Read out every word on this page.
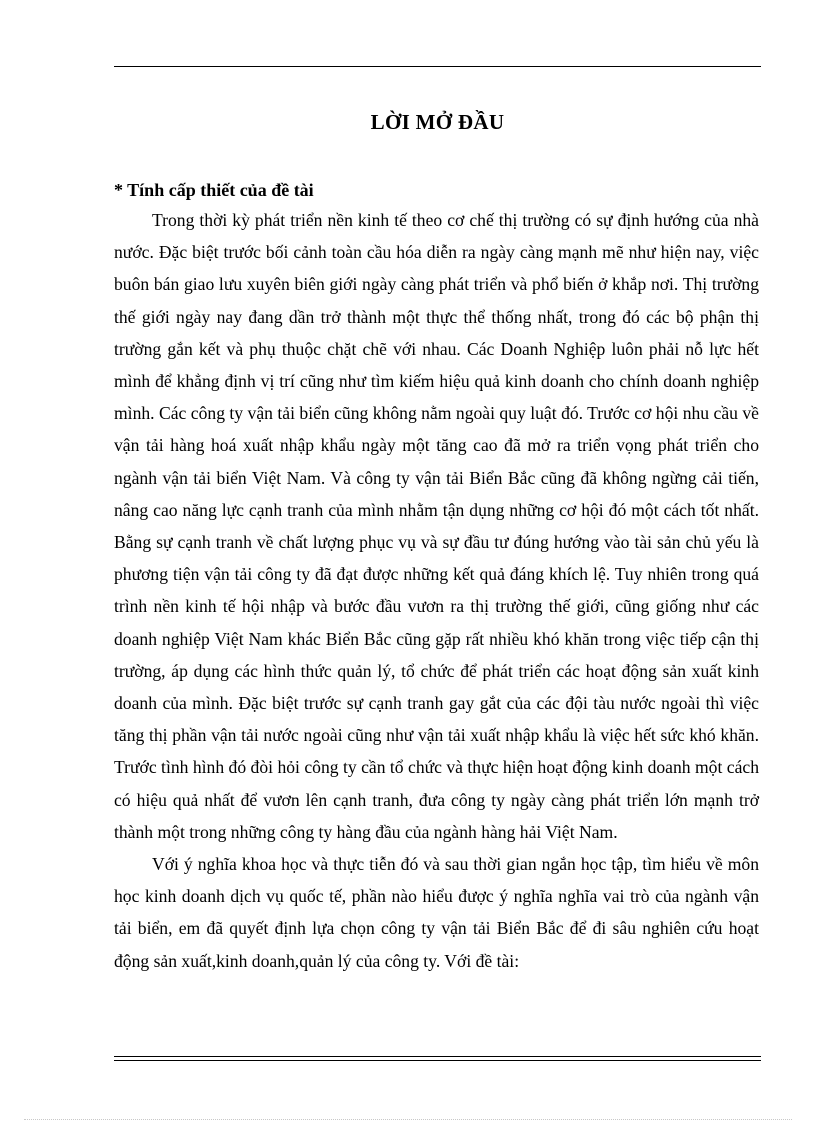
LỜI MỞ ĐẦU
* Tính cấp thiết của đề tài

Trong thời kỳ phát triển nền kinh tế theo cơ chế thị trường có sự định hướng của nhà nước. Đặc biệt trước bối cảnh toàn cầu hóa diễn ra ngày càng mạnh mẽ như hiện nay, việc buôn bán giao lưu xuyên biên giới ngày càng phát triển và phổ biến ở khắp nơi. Thị trường thế giới ngày nay đang dần trở thành một thực thể thống nhất, trong đó các bộ phận thị trường gắn kết và phụ thuộc chặt chẽ với nhau. Các Doanh Nghiệp luôn phải nỗ lực hết mình để khẳng định vị trí cũng như tìm kiếm hiệu quả kinh doanh cho chính doanh nghiệp mình. Các công ty vận tải biển cũng không nằm ngoài quy luật đó. Trước cơ hội nhu cầu về vận tải hàng hoá xuất nhập khẩu ngày một tăng cao đã mở ra triển vọng phát triển cho ngành vận tải biển Việt Nam. Và công ty vận tải Biển Bắc cũng đã không ngừng cải tiến, nâng cao năng lực cạnh tranh của mình nhằm tận dụng những cơ hội đó một cách tốt nhất. Bằng sự cạnh tranh về chất lượng phục vụ và sự đầu tư đúng hướng vào tài sản chủ yếu là phương tiện vận tải công ty đã đạt được những kết quả đáng khích lệ. Tuy nhiên trong quá trình nền kinh tế hội nhập và bước đầu vươn ra thị trường thế giới, cũng giống như các doanh nghiệp Việt Nam khác Biển Bắc cũng gặp rất nhiều khó khăn trong việc tiếp cận thị trường, áp dụng các hình thức quản lý, tổ chức để phát triển các hoạt động sản xuất kinh doanh của mình. Đặc biệt trước sự cạnh tranh gay gắt của các đội tàu nước ngoài thì việc tăng thị phần vận tải nước ngoài cũng như vận tải xuất nhập khẩu là việc hết sức khó khăn. Trước tình hình đó đòi hỏi công ty cần tổ chức và thực hiện hoạt động kinh doanh một cách có hiệu quả nhất để vươn lên cạnh tranh, đưa công ty ngày càng phát triển lớn mạnh trở thành một trong những công ty hàng đầu của ngành hàng hải Việt Nam.

Với ý nghĩa khoa học và thực tiễn đó và sau thời gian ngắn học tập, tìm hiểu về môn học kinh doanh dịch vụ quốc tế, phần nào hiểu được ý nghĩa nghĩa vai trò của ngành vận tải biển, em đã quyết định lựa chọn công ty vận tải Biển Bắc để đi sâu nghiên cứu hoạt động sản xuất,kinh doanh,quản lý của công ty. Với đề tài:
